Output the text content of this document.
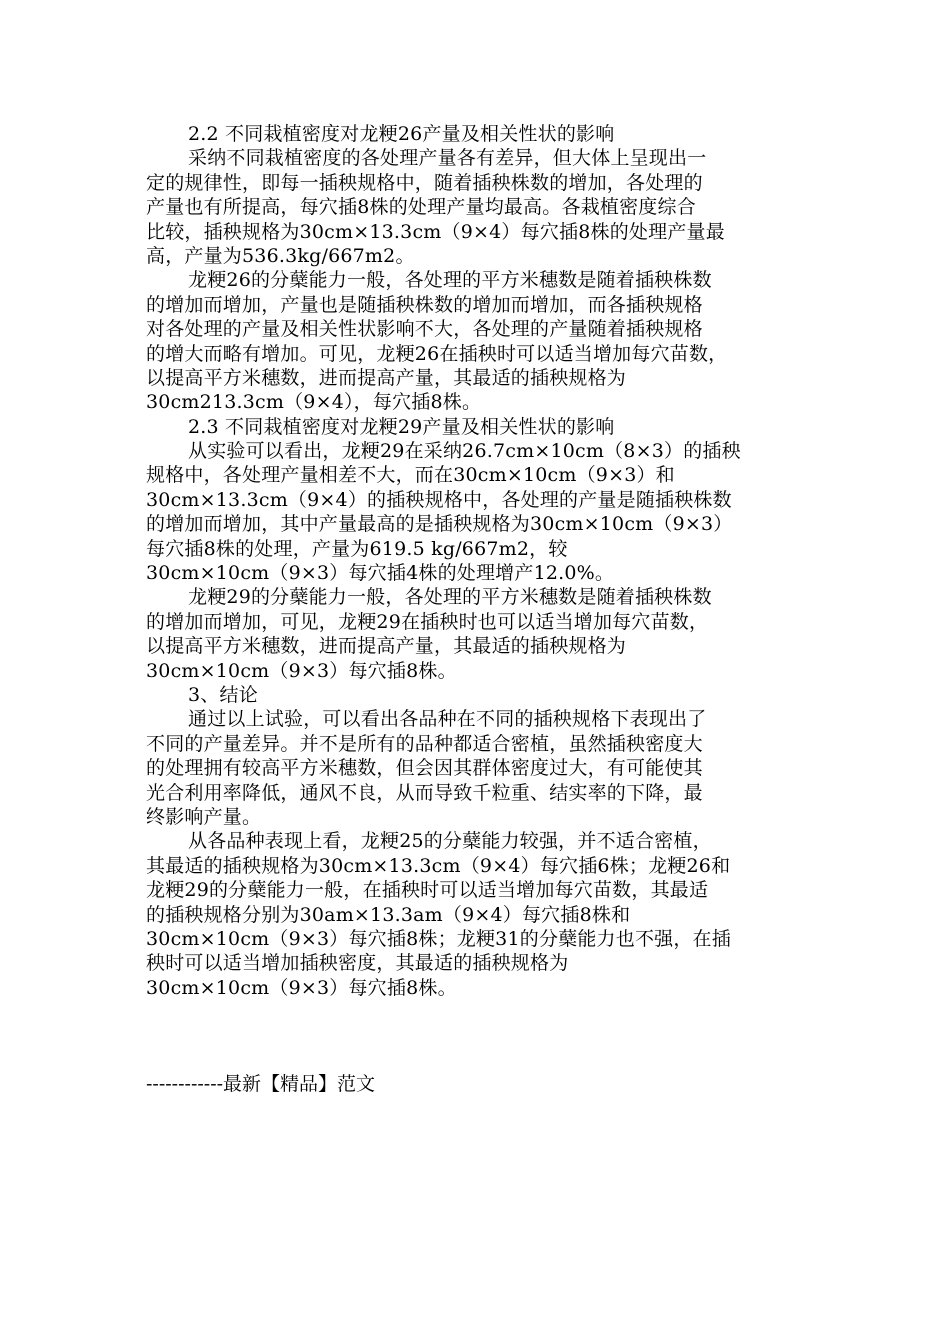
2.2 不同栽植密度对龙粳26产量及相关性状的影响
采纳不同栽植密度的各处理产量各有差异，但大体上呈现出一
定的规律性，即每一插秧规格中，随着插秧株数的增加，各处理的
产量也有所提高，每穴插8株的处理产量均最高。各栽植密度综合
比较，插秧规格为30cm×13.3cm（9×4）每穴插8株的处理产量最
高，产量为536.3kg/667m2。
龙粳26的分蘖能力一般，各处理的平方米穗数是随着插秧株数
的增加而增加，产量也是随插秧株数的增加而增加，而各插秧规格
对各处理的产量及相关性状影响不大，各处理的产量随着插秧规格
的增大而略有增加。可见，龙粳26在插秧时可以适当增加每穴苗数，
以提高平方米穗数，进而提高产量，其最适的插秧规格为
30cm213.3cm（9×4），每穴插8株。
2.3 不同栽植密度对龙粳29产量及相关性状的影响
从实验可以看出，龙粳29在采纳26.7cm×10cm（8×3）的插秧
规格中，各处理产量相差不大，而在30cm×10cm（9×3）和
30cm×13.3cm（9×4）的插秧规格中，各处理的产量是随插秧株数
的增加而增加，其中产量最高的是插秧规格为30cm×10cm（9×3）
每穴插8株的处理，产量为619.5 kg/667m2，较
30cm×10cm（9×3）每穴插4株的处理增产12.0%。
龙粳29的分蘖能力一般，各处理的平方米穗数是随着插秧株数
的增加而增加，可见，龙粳29在插秧时也可以适当增加每穴苗数，
以提高平方米穗数，进而提高产量，其最适的插秧规格为
30cm×10cm（9×3）每穴插8株。
3、结论
通过以上试验，可以看出各品种在不同的插秧规格下表现出了
不同的产量差异。并不是所有的品种都适合密植，虽然插秧密度大
的处理拥有较高平方米穗数，但会因其群体密度过大，有可能使其
光合利用率降低，通风不良，从而导致千粒重、结实率的下降，最
终影响产量。
从各品种表现上看，龙粳25的分蘖能力较强，并不适合密植，
其最适的插秧规格为30cm×13.3cm（9×4）每穴插6株；龙粳26和
龙粳29的分蘖能力一般，在插秧时可以适当增加每穴苗数，其最适
的插秧规格分别为30am×13.3am（9×4）每穴插8株和
30cm×10cm（9×3）每穴插8株；龙粳31的分蘖能力也不强，在插
秧时可以适当增加插秧密度，其最适的插秧规格为
30cm×10cm（9×3）每穴插8株。
------------最新【精品】范文
